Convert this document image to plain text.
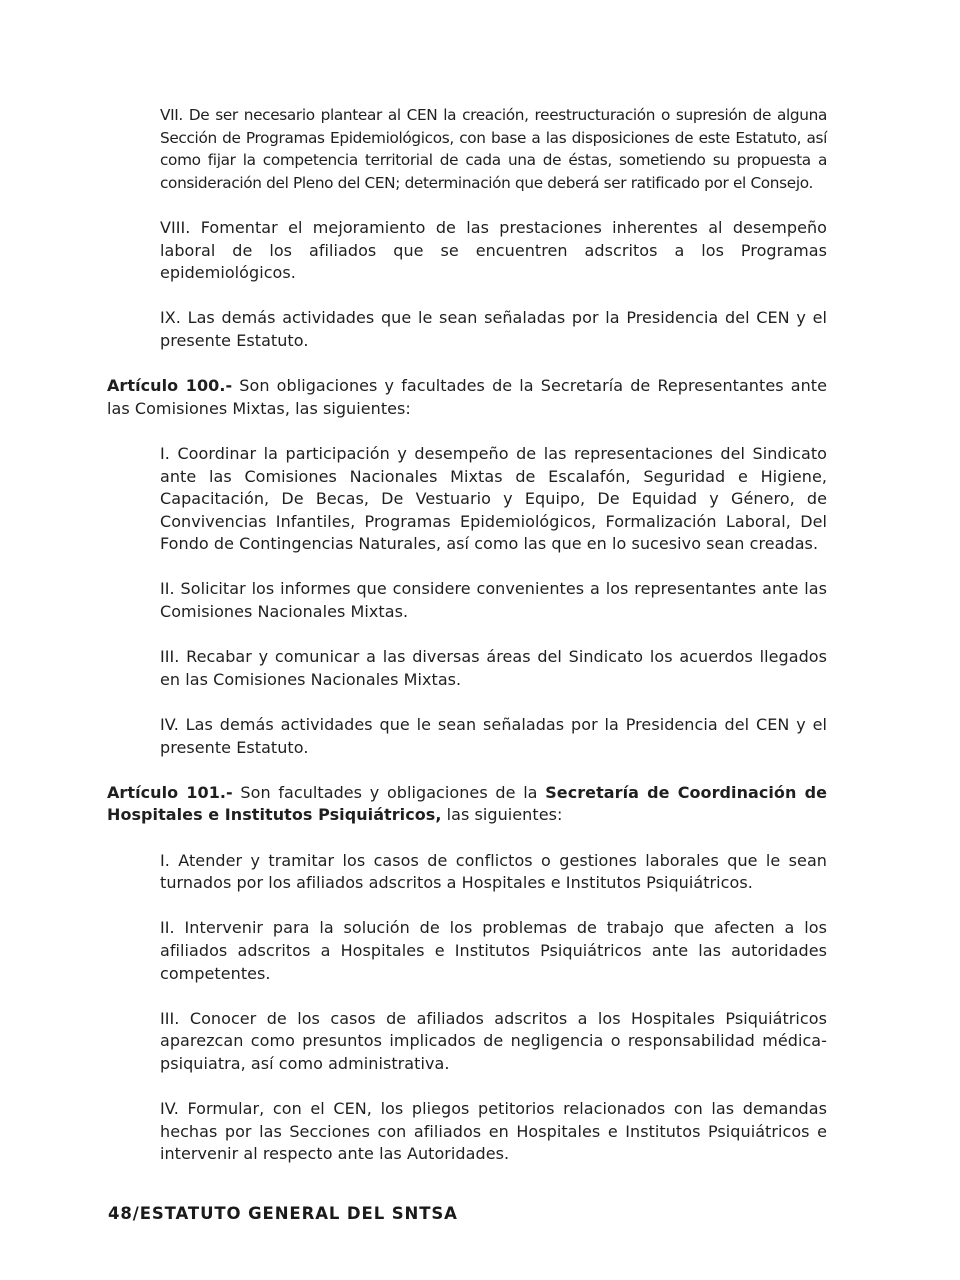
VII. De ser necesario plantear al CEN la creación, reestructuración o supresión de alguna Sección de Programas Epidemiológicos, con base a las disposiciones de este Estatuto, así como fijar la competencia territorial de cada una de éstas, sometiendo su propuesta a consideración del Pleno del CEN; determinación que deberá ser ratificado por el Consejo.

VIII. Fomentar el mejoramiento de las prestaciones inherentes al desempeño laboral de los afiliados que se encuentren adscritos a los Programas epidemiológicos.

IX. Las demás actividades que le sean señaladas por la Presidencia del CEN y el presente Estatuto.

Artículo 100.- Son obligaciones y facultades de la Secretaría de Representantes ante las Comisiones Mixtas, las siguientes:

I. Coordinar la participación y desempeño de las representaciones del Sindicato ante las Comisiones Nacionales Mixtas de Escalafón, Seguridad e Higiene, Capacitación, De Becas, De Vestuario y Equipo, De Equidad y Género, de Convivencias Infantiles, Programas Epidemiológicos, Formalización Laboral, Del Fondo de Contingencias Naturales, así como las que en lo sucesivo sean creadas.

II. Solicitar los informes que considere convenientes a los representantes ante las Comisiones Nacionales Mixtas.

III. Recabar y comunicar a las diversas áreas del Sindicato los acuerdos llegados en las Comisiones Nacionales Mixtas.

IV. Las demás actividades que le sean señaladas por la Presidencia del CEN y el presente Estatuto.

Artículo 101.- Son facultades y obligaciones de la Secretaría de Coordinación de Hospitales e Institutos Psiquiátricos, las siguientes:

I. Atender y tramitar los casos de conflictos o gestiones laborales que le sean turnados por los afiliados adscritos a Hospitales e Institutos Psiquiátricos.

II. Intervenir para la solución de los problemas de trabajo que afecten a los afiliados adscritos a Hospitales e Institutos Psiquiátricos ante las autoridades competentes.

III. Conocer de los casos de afiliados adscritos a los Hospitales Psiquiátricos aparezcan como presuntos implicados de negligencia o responsabilidad médica-psiquiatra, así como administrativa.

IV. Formular, con el CEN, los pliegos petitorios relacionados con las demandas hechas por las Secciones con afiliados en Hospitales e Institutos Psiquiátricos e intervenir al respecto ante las Autoridades.

48/ESTATUTO GENERAL DEL SNTSA
